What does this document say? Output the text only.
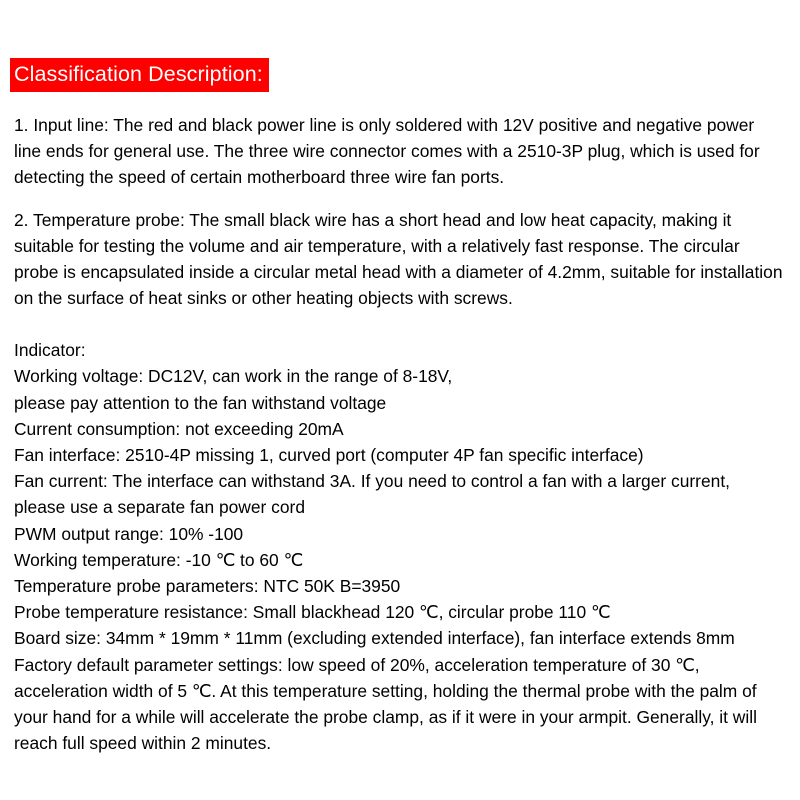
Classification Description:

1. Input line: The red and black power line is only soldered with 12V positive and negative power line ends for general use. The three wire connector comes with a 2510-3P plug, which is used for detecting the speed of certain motherboard three wire fan ports.

2. Temperature probe: The small black wire has a short head and low heat capacity, making it suitable for testing the volume and air temperature, with a relatively fast response. The circular probe is encapsulated inside a circular metal head with a diameter of 4.2mm, suitable for installation on the surface of heat sinks or other heating objects with screws.

Indicator:
Working voltage: DC12V, can work in the range of 8-18V,
please pay attention to the fan withstand voltage
Current consumption: not exceeding 20mA
Fan interface: 2510-4P missing 1, curved port (computer 4P fan specific interface)
Fan current: The interface can withstand 3A. If you need to control a fan with a larger current,
please use a separate fan power cord
PWM output range: 10% -100
Working temperature: -10 ℃ to 60 ℃
Temperature probe parameters: NTC 50K B=3950
Probe temperature resistance: Small blackhead 120 ℃, circular probe 110 ℃
Board size: 34mm * 19mm * 11mm (excluding extended interface), fan interface extends 8mm
Factory default parameter settings: low speed of 20%, acceleration temperature of 30 ℃, acceleration width of 5 ℃. At this temperature setting, holding the thermal probe with the palm of your hand for a while will accelerate the probe clamp, as if it were in your armpit. Generally, it will reach full speed within 2 minutes.
